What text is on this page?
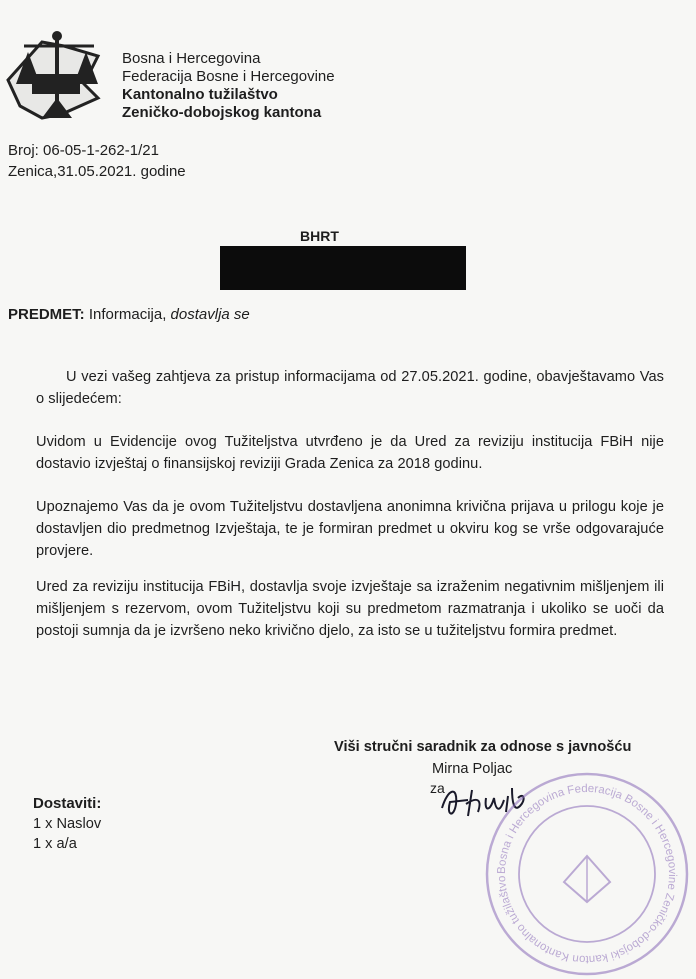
Bosna i Hercegovina
Federacija Bosne i Hercegovine
Kantonalno tužilaštvo
Zeničko-dobojskog kantona
Broj: 06-05-1-262-1/21
Zenica,31.05.2021. godine
BHRT
PREDMET: Informacija, dostavlja se
U vezi vašeg zahtjeva za pristup informacijama od 27.05.2021. godine, obavještavamo Vas o slijedećem:
Uvidom u Evidencije ovog Tužiteljstva utvrđeno je da Ured za reviziju institucija FBiH nije dostavio izvještaj o finansijskoj reviziji Grada Zenica za 2018 godinu.
Upoznajemo Vas da je ovom Tužiteljstvu dostavljena anonimna krivična prijava u prilogu koje je dostavljen dio predmetnog Izvještaja, te je formiran predmet u okviru kog se vrše odgovarajuće provjere.
Ured za reviziju institucija FBiH, dostavlja svoje izvještaje sa izraženim negativnim mišljenjem ili mišljenjem s rezervom, ovom Tužiteljstvu koji su predmetom razmatranja i ukoliko se uoči da postoji sumnja da je izvršeno neko krivično djelo, za isto se u tužiteljstvu formira predmet.
Viši stručni saradnik za odnose s javnošću
Mirna Poljac
za
Dostaviti:
1 x Naslov
1 x a/a
Bosna i Hercegovina Federacija Bosne i Hercegovine Zeničko-dobojski kanton Kantonalno tužilaštvo
